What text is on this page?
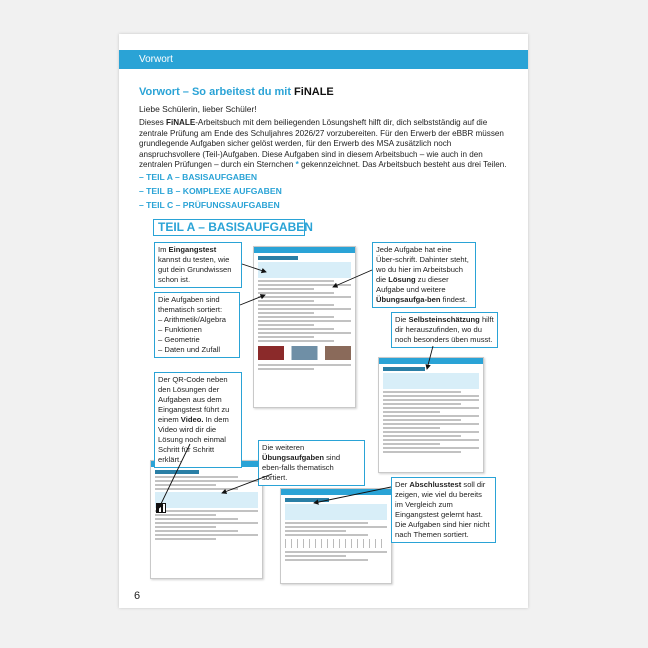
Vorwort
Vorwort – So arbeitest du mit FiNALE
Liebe Schülerin, lieber Schüler!

Dieses FiNALE-Arbeitsbuch mit dem beiliegenden Lösungsheft hilft dir, dich selbstständig auf die zentrale Prüfung am Ende des Schuljahres 2026/27 vorzubereiten. Für den Erwerb der eBBR müssen grundlegende Aufgaben sicher gelöst werden, für den Erwerb des MSA zusätzlich noch anspruchsvollere (Teil-)Aufgaben. Diese Aufgaben sind in diesem Arbeitsbuch – wie auch in den zentralen Prüfungen – durch ein Sternchen * gekennzeichnet. Das Arbeitsbuch besteht aus drei Teilen.

– TEIL A – BASISAUFGABEN
– TEIL B – KOMPLEXE AUFGABEN
– TEIL C – PRÜFUNGSAUFGABEN
TEIL A – BASISAUFGABEN
Im Eingangstest kannst du testen, wie gut dein Grundwissen schon ist.
Die Aufgaben sind thematisch sortiert:
– Arithmetik/Algebra
– Funktionen
– Geometrie
– Daten und Zufall
Jede Aufgabe hat eine Über-schrift. Dahinter steht, wo du hier im Arbeitsbuch die Lösung zu dieser Aufgabe und weitere Übungsaufga-ben findest.
Die Selbsteinschätzung hilft dir herauszufinden, wo du noch besonders üben musst.
Der QR-Code neben den Lösungen der Aufgaben aus dem Eingangstest führt zu einem Video. In dem Video wird dir die Lösung noch einmal Schritt für Schritt erklärt.
Die weiteren Übungsaufgaben sind eben-falls thematisch sortiert.
Der Abschlusstest soll dir zeigen, wie viel du bereits im Vergleich zum Eingangstest gelernt hast. Die Aufgaben sind hier nicht nach Themen sortiert.
6
